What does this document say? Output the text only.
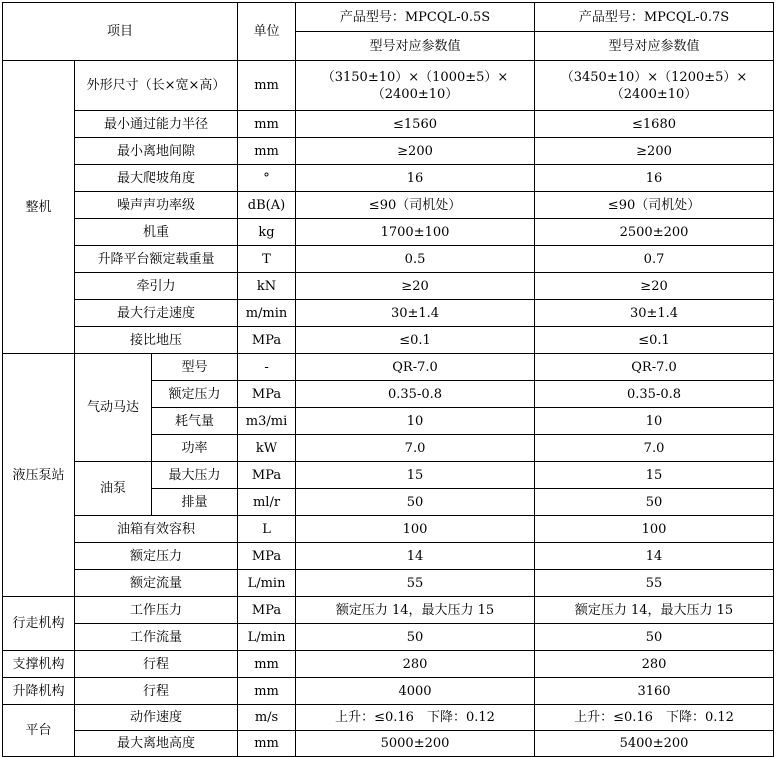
项目			单位	产品型号：MPCQL-0.5S	产品型号：MPCQL-0.7S
				型号对应参数值	型号对应参数值
整机	外形尺寸（长×宽×高）		mm	（3150±10）×（1000±5）×（2400±10）	（3450±10）×（1200±5）×（2400±10）
	最小通过能力半径		mm	≤1560	≤1680
	最小离地间隙		mm	≥200	≥200
	最大爬坡角度		°	16	16
	噪声声功率级		dB(A)	≤90（司机处）	≤90（司机处）
	机重		kg	1700±100	2500±200
	升降平台额定载重量		T	0.5	0.7
	牵引力		kN	≥20	≥20
	最大行走速度		m/min	30±1.4	30±1.4
	接比地压		MPa	≤0.1	≤0.1
液压泵站	气动马达	型号	-	QR-7.0	QR-7.0
		额定压力	MPa	0.35-0.8	0.35-0.8
		耗气量	m3/mi	10	10
		功率	kW	7.0	7.0
	油泵	最大压力	MPa	15	15
		排量	ml/r	50	50
	油箱有效容积		L	100	100
	额定压力		MPa	14	14
	额定流量		L/min	55	55
行走机构	工作压力		MPa	额定压力 14，最大压力 15	额定压力 14，最大压力 15
	工作流量		L/min	50	50
支撑机构	行程		mm	280	280
升降机构	行程		mm	4000	3160
平台	动作速度		m/s	上升：≤0.16　下降：0.12	上升：≤0.16　下降：0.12
	最大离地高度		mm	5000±200	5400±200
